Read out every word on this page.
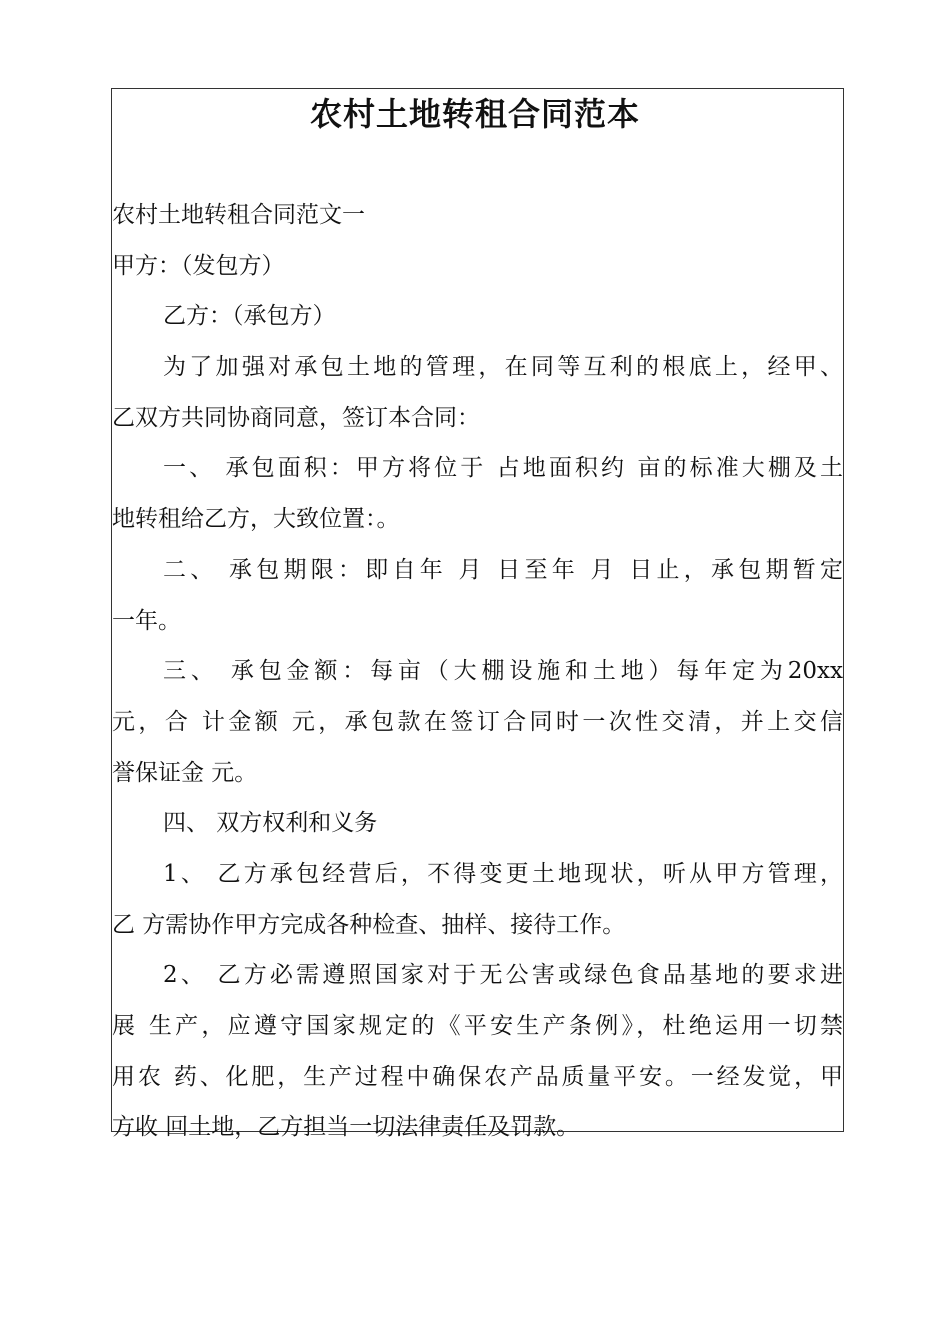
农村土地转租合同范本
农村土地转租合同范文一
甲方：（发包方）
乙方：（承包方）
为了加强对承包土地的管理，在同等互利的根底上，经甲、
乙双方共同协商同意，签订本合同：
一、 承包面积：甲方将位于 占地面积约 亩的标准大棚及土
地转租给乙方，大致位置：。
二、 承包期限：即自年 月 日至年 月 日止，承包期暂定
一年。
三、 承包金额：每亩（大棚设施和土地）每年定为20xx
元，合 计金额 元，承包款在签订合同时一次性交清，并上交信
誉保证金 元。
四、 双方权利和义务
1、 乙方承包经营后，不得变更土地现状，听从甲方管理，
乙 方需协作甲方完成各种检查、抽样、接待工作。
2、 乙方必需遵照国家对于无公害或绿色食品基地的要求进
展 生产，应遵守国家规定的《平安生产条例》，杜绝运用一切禁
用农 药、化肥，生产过程中确保农产品质量平安。一经发觉，甲
方收 回土地，乙方担当一切法律责任及罚款。
